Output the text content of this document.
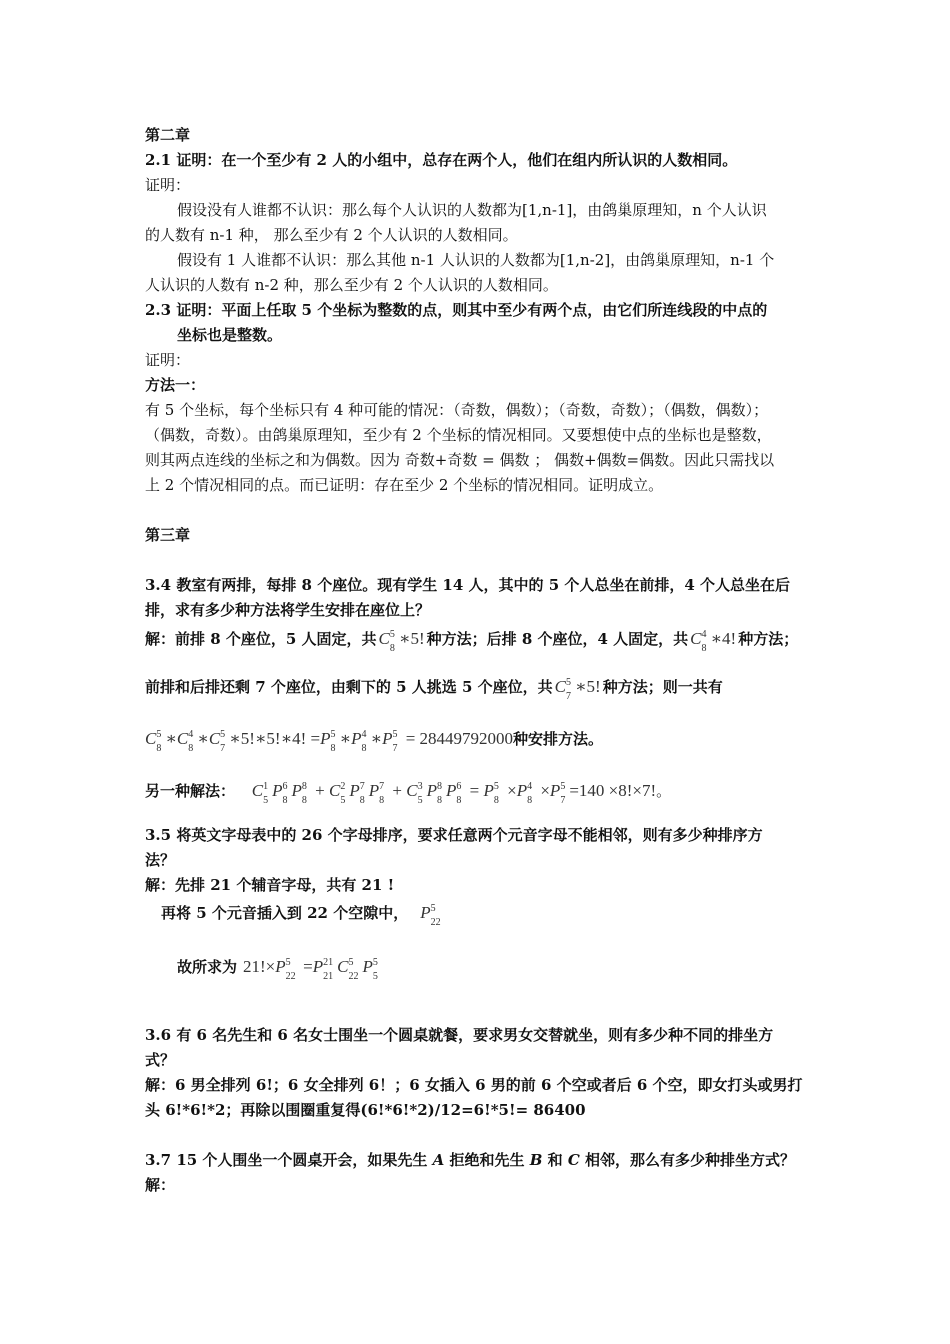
第二章
2.1 证明：在一个至少有 2 人的小组中，总存在两个人，他们在组内所认识的人数相同。
证明：
假设没有人谁都不认识：那么每个人认识的人数都为[1,n-1]，由鸽巢原理知，n 个人认识
的人数有 n-1 种， 那么至少有 2 个人认识的人数相同。
假设有 1 人谁都不认识：那么其他 n-1 人认识的人数都为[1,n-2]，由鸽巢原理知，n-1 个
人认识的人数有 n-2 种，那么至少有 2 个人认识的人数相同。
2.3 证明：平面上任取 5 个坐标为整数的点，则其中至少有两个点，由它们所连线段的中点的
坐标也是整数。
证明：
方法一：
有 5 个坐标，每个坐标只有 4 种可能的情况：（奇数，偶数）；（奇数，奇数）；（偶数，偶数）；
（偶数，奇数）。由鸽巢原理知，至少有 2 个坐标的情况相同。又要想使中点的坐标也是整数，
则其两点连线的坐标之和为偶数。因为 奇数+奇数 = 偶数 ； 偶数+偶数=偶数。因此只需找以
上 2 个情况相同的点。而已证明：存在至少 2 个坐标的情况相同。证明成立。
第三章
3.4 教室有两排，每排 8 个座位。现有学生 14 人，其中的 5 个人总坐在前排，4 个人总坐在后
排，求有多少种方法将学生安排在座位上？
解：前排 8 个座位，5 人固定，共 C 5
8
∗5! 种方法；后排 8 个座位，4 人固定，共 C 4
8
∗4! 种方法；
前排和后排还剩 7 个座位，由剩下的 5 人挑选 5 个座位，共 C 5
7
∗5! 种方法；则一共有
C 5
8
∗C 4
8
∗C 5
7
∗5!∗5!∗4! =P 5
8
∗P 4
8
∗P 5
7
= 28449792000种安排方法。
另一种解法： C 1
5
P 6
8
P 8
8
+ C 2
5
P 7
8
P 7
8
+ C 3
5
P 8
8
P 6
8
= P 5
8
×P 4
8
×P 5
7
=140 ×8!×7!。
3.5 将英文字母表中的 26 个字母排序，要求任意两个元音字母不能相邻，则有多少种排序方
法？
解：先排 21 个辅音字母，共有 21 !
再将 5 个元音插入到 22 个空隙中， P 5
22
故所求为 21!×P 5
22
=P 21
21
C 5
22
P 5
5
3.6 有 6 名先生和 6 名女士围坐一个圆桌就餐，要求男女交替就坐，则有多少种不同的排坐方
式？
解：6 男全排列 6!；6 女全排列 6！；6 女插入 6 男的前 6 个空或者后 6 个空，即女打头或男打
头 6!*6!*2；再除以围圈重复得(6!*6!*2)/12=6!*5!= 86400
3.7 15 个人围坐一个圆桌开会，如果先生 A 拒绝和先生 B 和 C 相邻，那么有多少种排坐方式？
解：
